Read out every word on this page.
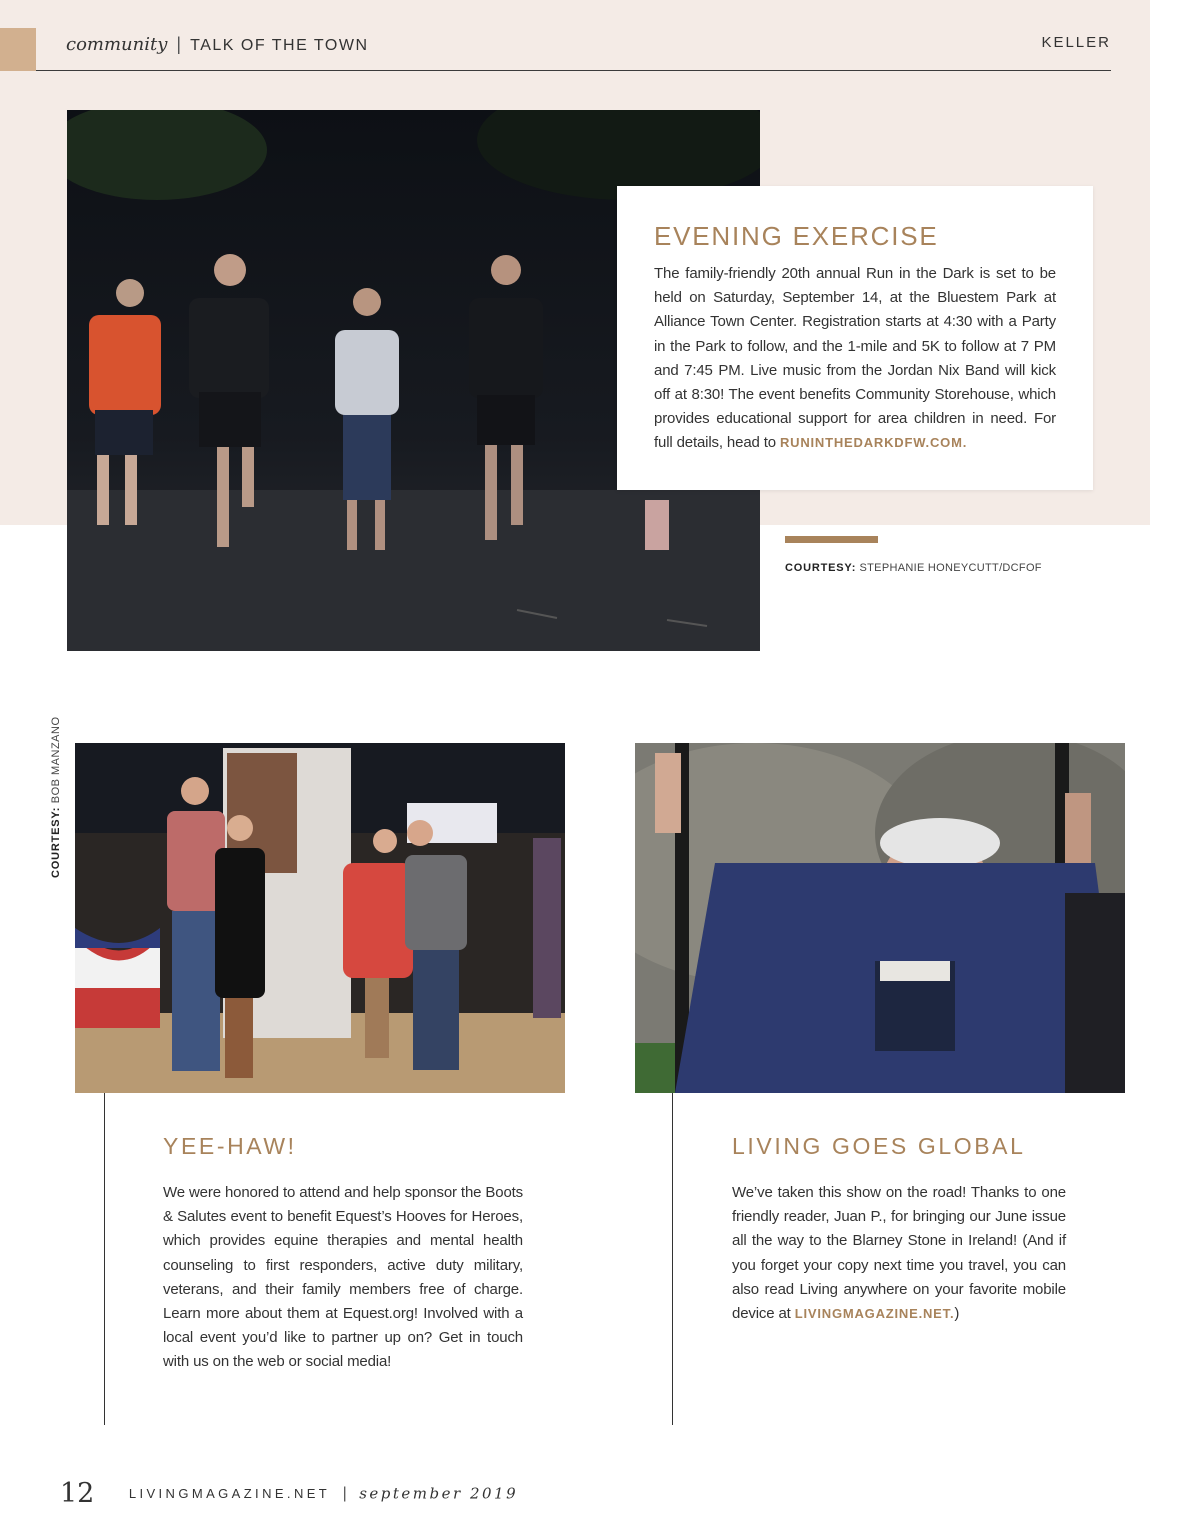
community | TALK OF THE TOWN	KELLER
EVENING EXERCISE

The family-friendly 20th annual Run in the Dark is set to be held on Saturday, September 14, at the Bluestem Park at Alliance Town Center. Registration starts at 4:30 with a Party in the Park to follow, and the 1-mile and 5K to follow at 7 PM and 7:45 PM. Live music from the Jordan Nix Band will kick off at 8:30! The event benefits Community Storehouse, which provides educational support for area children in need. For full details, head to RUNINTHEDARKDFW.COM.

COURTESY: STEPHANIE HONEYCUTT/DCFOF
COURTESY: BOB MANZANO
YEE-HAW!

We were honored to attend and help sponsor the Boots & Salutes event to benefit Equest’s Hooves for Heroes, which provides equine therapies and mental health counseling to first responders, active duty military, veterans, and their family members free of charge. Learn more about them at Equest.org! Involved with a local event you’d like to partner up on? Get in touch with us on the web or social media!

LIVING GOES GLOBAL

We’ve taken this show on the road! Thanks to one friendly reader, Juan P., for bringing our June issue all the way to the Blarney Stone in Ireland! (And if you forget your copy next time you travel, you can also read Living anywhere on your favorite mobile device at LIVINGMAGAZINE.NET.)

12	LIVINGMAGAZINE.NET | september 2019
